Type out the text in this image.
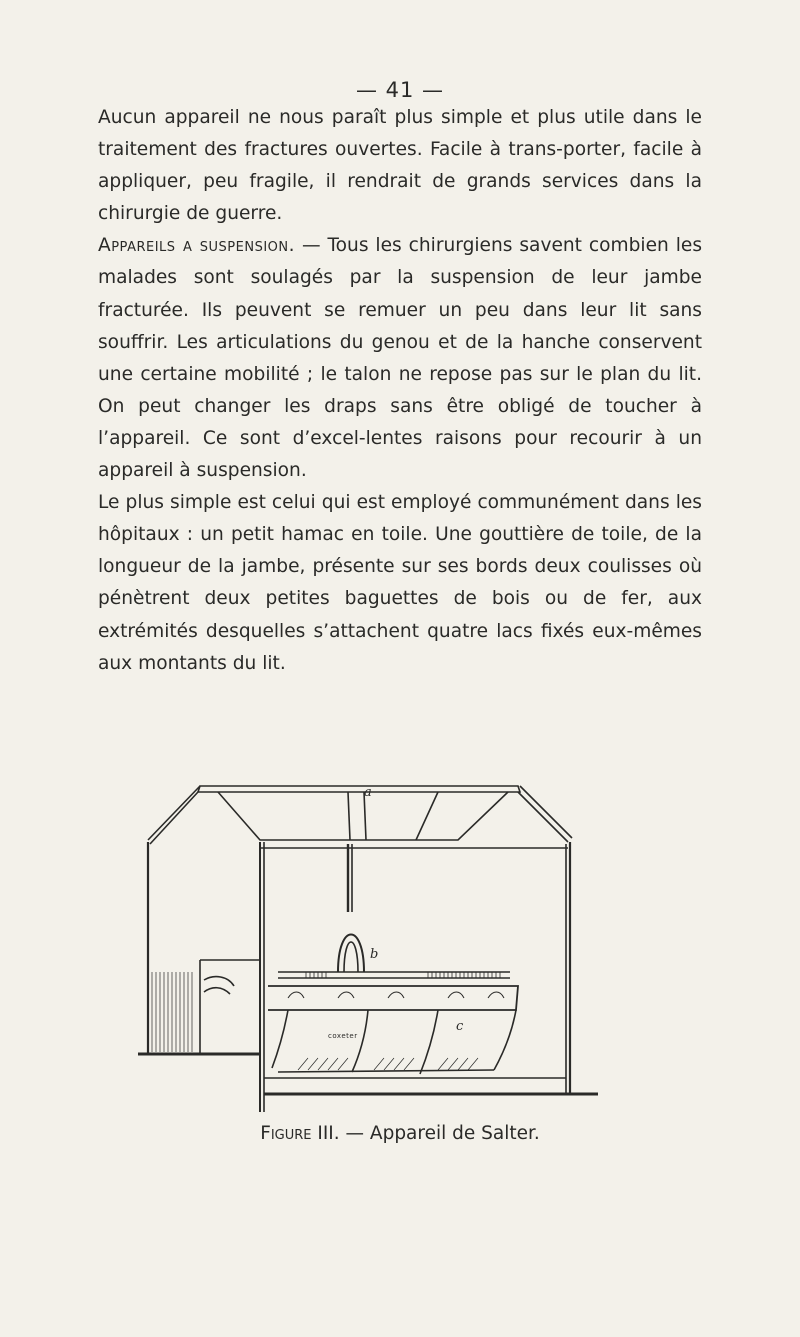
— 41 —

Aucun appareil ne nous paraît plus simple et plus utile dans le traitement des fractures ouvertes. Facile à trans-porter, facile à appliquer, peu fragile, il rendrait de grands services dans la chirurgie de guerre.

Appareils a suspension. — Tous les chirurgiens savent combien les malades sont soulagés par la suspension de leur jambe fracturée. Ils peuvent se remuer un peu dans leur lit sans souffrir. Les articulations du genou et de la hanche conservent une certaine mobilité ; le talon ne repose pas sur le plan du lit. On peut changer les draps sans être obligé de toucher à l’appareil. Ce sont d’excel-lentes raisons pour recourir à un appareil à suspension.

Le plus simple est celui qui est employé communément dans les hôpitaux : un petit hamac en toile. Une gouttière de toile, de la longueur de la jambe, présente sur ses bords deux coulisses où pénètrent deux petites baguettes de bois ou de fer, aux extrémités desquelles s’attachent quatre lacs fixés eux-mêmes aux montants du lit.

a
b
c
coxeter
Figure III. — Appareil de Salter.
